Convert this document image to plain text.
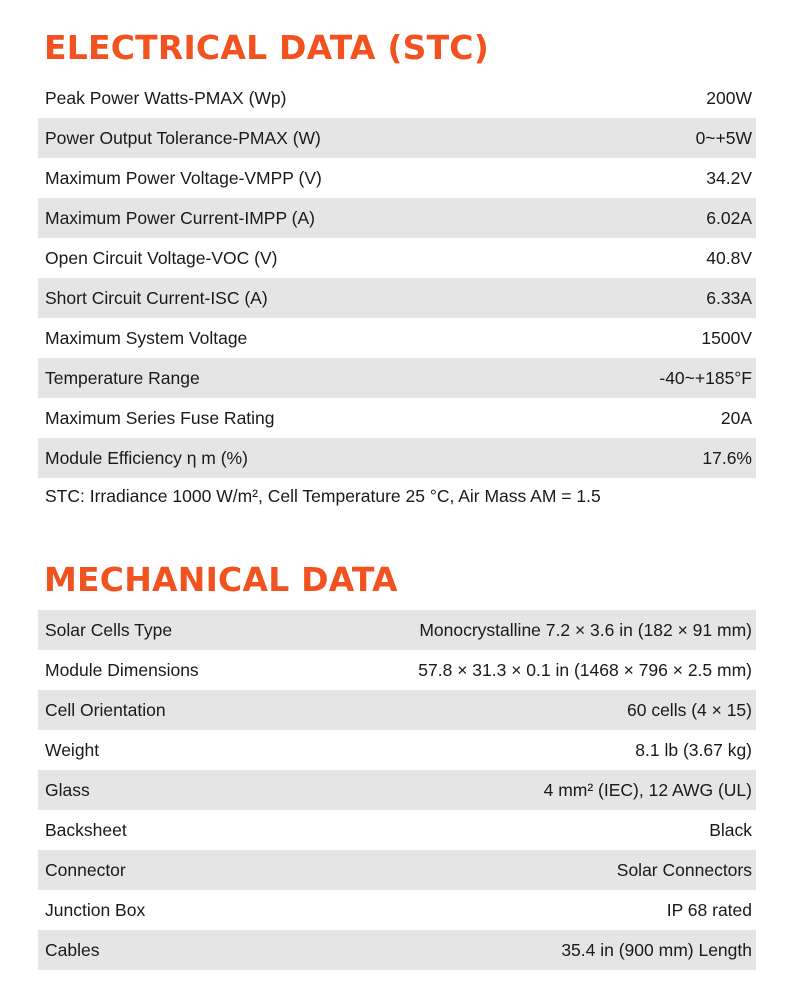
ELECTRICAL DATA (STC)
Peak Power Watts-PMAX (Wp)	200W
Power Output Tolerance-PMAX (W)	0~+5W
Maximum Power Voltage-VMPP (V)	34.2V
Maximum Power Current-IMPP (A)	6.02A
Open Circuit Voltage-VOC (V)	40.8V
Short Circuit Current-ISC (A)	6.33A
Maximum System Voltage	1500V
Temperature Range	-40~+185°F
Maximum Series Fuse Rating	20A
Module Efficiency η m (%)	17.6%

STC: Irradiance 1000 W/m², Cell Temperature 25 °C, Air Mass AM = 1.5

MECHANICAL DATA
Solar Cells Type	Monocrystalline 7.2 × 3.6 in (182 × 91 mm)
Module Dimensions	57.8 × 31.3 × 0.1 in (1468 × 796 × 2.5 mm)
Cell Orientation	60 cells (4 × 15)
Weight	8.1 lb (3.67 kg)
Glass	4 mm² (IEC), 12 AWG (UL)
Backsheet	Black
Connector	Solar Connectors
Junction Box	IP 68 rated
Cables	35.4 in (900 mm) Length
